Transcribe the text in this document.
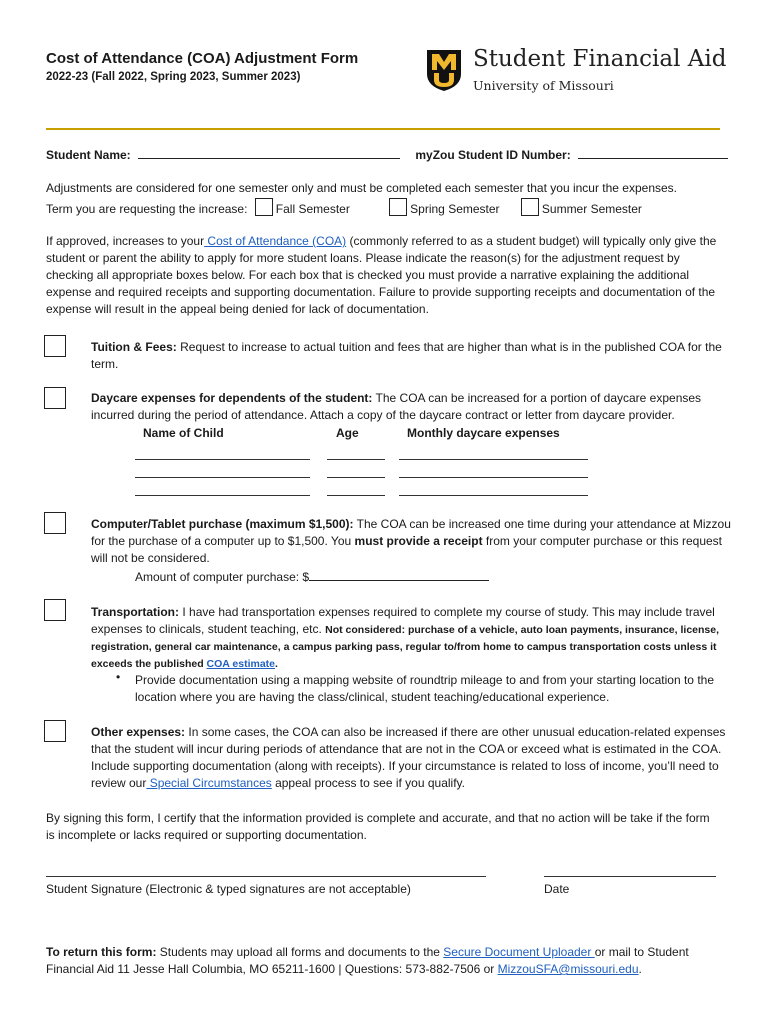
Cost of Attendance (COA) Adjustment Form
2022-23 (Fall 2022, Spring 2023, Summer 2023)
Student Financial Aid
University of Missouri
Student Name:	myZou Student ID Number:
Adjustments are considered for one semester only and must be completed each semester that you incur the expenses.
Term you are requesting the increase: Fall Semester	Spring Semester	Summer Semester
If approved, increases to your Cost of Attendance (COA) (commonly referred to as a student budget) will typically only give the student or parent the ability to apply for more student loans. Please indicate the reason(s) for the adjustment request by checking all appropriate boxes below. For each box that is checked you must provide a narrative explaining the additional expense and required receipts and supporting documentation. Failure to provide supporting receipts and documentation of the expense will result in the appeal being denied for lack of documentation.
Tuition & Fees: Request to increase to actual tuition and fees that are higher than what is in the published COA for the term.
Daycare expenses for dependents of the student: The COA can be increased for a portion of daycare expenses incurred during the period of attendance. Attach a copy of the daycare contract or letter from daycare provider.
Name of Child	Age	Monthly daycare expenses
Computer/Tablet purchase (maximum $1,500): The COA can be increased one time during your attendance at Mizzou for the purchase of a computer up to $1,500. You must provide a receipt from your computer purchase or this request will not be considered.
Amount of computer purchase: $
Transportation: I have had transportation expenses required to complete my course of study. This may include travel expenses to clinicals, student teaching, etc. Not considered: purchase of a vehicle, auto loan payments, insurance, license, registration, general car maintenance, a campus parking pass, regular to/from home to campus transportation costs unless it exceeds the published COA estimate.
• Provide documentation using a mapping website of roundtrip mileage to and from your starting location to the location where you are having the class/clinical, student teaching/educational experience.
Other expenses: In some cases, the COA can also be increased if there are other unusual education-related expenses that the student will incur during periods of attendance that are not in the COA or exceed what is estimated in the COA. Include supporting documentation (along with receipts). If your circumstance is related to loss of income, you’ll need to review our Special Circumstances appeal process to see if you qualify.
By signing this form, I certify that the information provided is complete and accurate, and that no action will be take if the form is incomplete or lacks required or supporting documentation.
Student Signature (Electronic & typed signatures are not acceptable)	Date
To return this form: Students may upload all forms and documents to the Secure Document Uploader or mail to Student Financial Aid 11 Jesse Hall Columbia, MO 65211-1600 | Questions: 573-882-7506 or MizzouSFA@missouri.edu.
